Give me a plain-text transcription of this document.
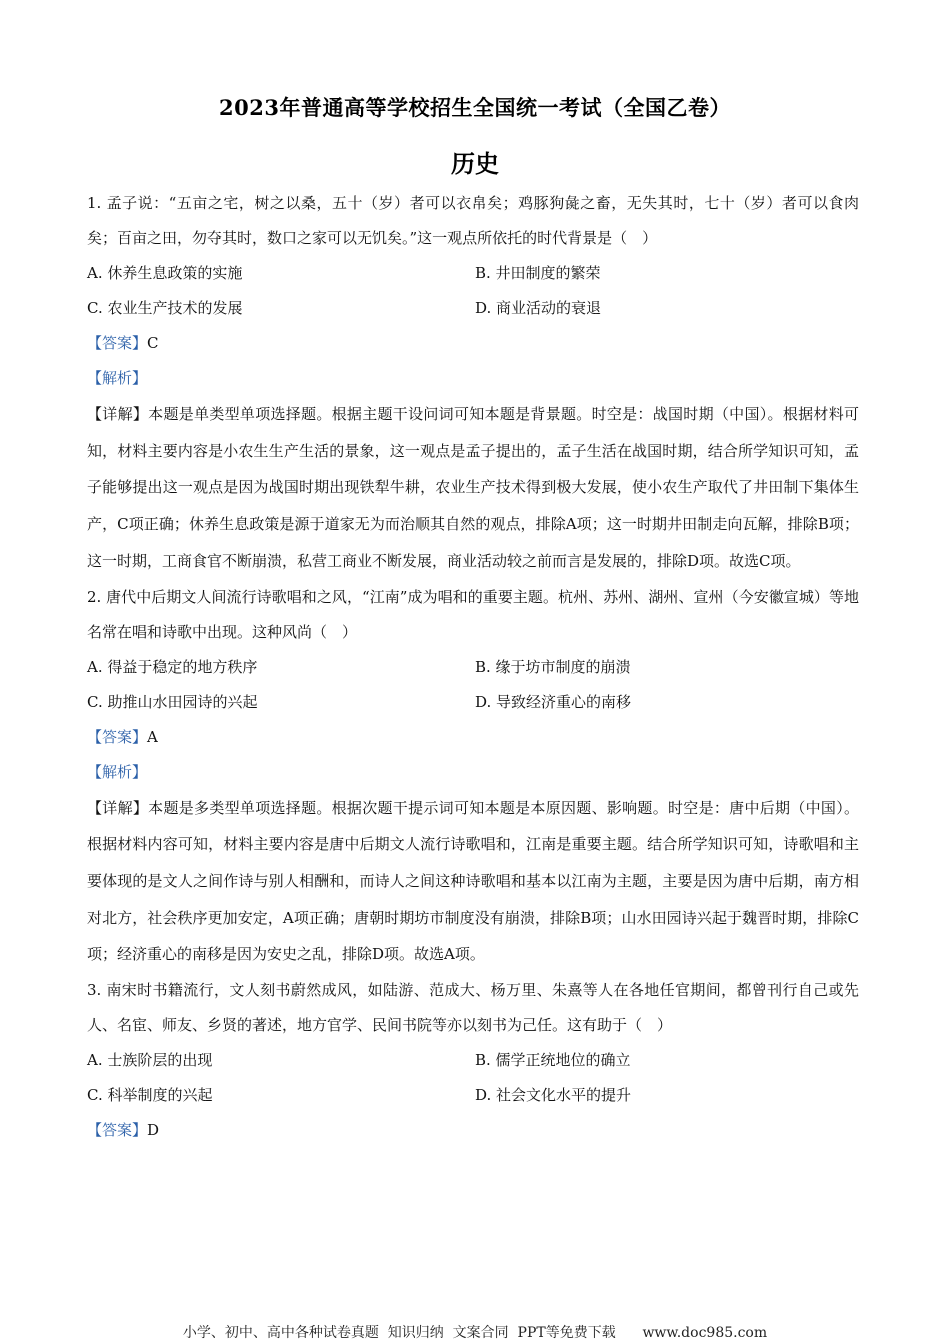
2023年普通高等学校招生全国统一考试（全国乙卷）
历史

1. 孟子说：“五亩之宅，树之以桑，五十（岁）者可以衣帛矣；鸡豚狗彘之畜，无失其时，七十（岁）者可以食肉矣；百亩之田，勿夺其时，数口之家可以无饥矣。”这一观点所依托的时代背景是（　）

A. 休养生息政策的实施	B. 井田制度的繁荣
C. 农业生产技术的发展	D. 商业活动的衰退
【答案】C
【解析】

【详解】本题是单类型单项选择题。根据主题干设问词可知本题是背景题。时空是：战国时期（中国）。根据材料可知，材料主要内容是小农生生产生活的景象，这一观点是孟子提出的，孟子生活在战国时期，结合所学知识可知，孟子能够提出这一观点是因为战国时期出现铁犁牛耕，农业生产技术得到极大发展，使小农生产取代了井田制下集体生产，C项正确；休养生息政策是源于道家无为而治顺其自然的观点，排除A项；这一时期井田制走向瓦解，排除B项；这一时期，工商食官不断崩溃，私营工商业不断发展，商业活动较之前而言是发展的，排除D项。故选C项。

2. 唐代中后期文人间流行诗歌唱和之风，“江南”成为唱和的重要主题。杭州、苏州、湖州、宣州（今安徽宣城）等地名常在唱和诗歌中出现。这种风尚（　）

A. 得益于稳定的地方秩序	B. 缘于坊市制度的崩溃
C. 助推山水田园诗的兴起	D. 导致经济重心的南移
【答案】A
【解析】

【详解】本题是多类型单项选择题。根据次题干提示词可知本题是本原因题、影响题。时空是：唐中后期（中国）。根据材料内容可知，材料主要内容是唐中后期文人流行诗歌唱和，江南是重要主题。结合所学知识可知，诗歌唱和主要体现的是文人之间作诗与别人相酬和，而诗人之间这种诗歌唱和基本以江南为主题，主要是因为唐中后期，南方相对北方，社会秩序更加安定，A项正确；唐朝时期坊市制度没有崩溃，排除B项；山水田园诗兴起于魏晋时期，排除C项；经济重心的南移是因为安史之乱，排除D项。故选A项。

3. 南宋时书籍流行，文人刻书蔚然成风，如陆游、范成大、杨万里、朱熹等人在各地任官期间，都曾刊行自己或先人、名宦、师友、乡贤的著述，地方官学、民间书院等亦以刻书为己任。这有助于（　）

A. 士族阶层的出现	B. 儒学正统地位的确立
C. 科举制度的兴起	D. 社会文化水平的提升
【答案】D
小学、初中、高中各种试卷真题  知识归纳  文案合同  PPT等免费下载      www.doc985.com
